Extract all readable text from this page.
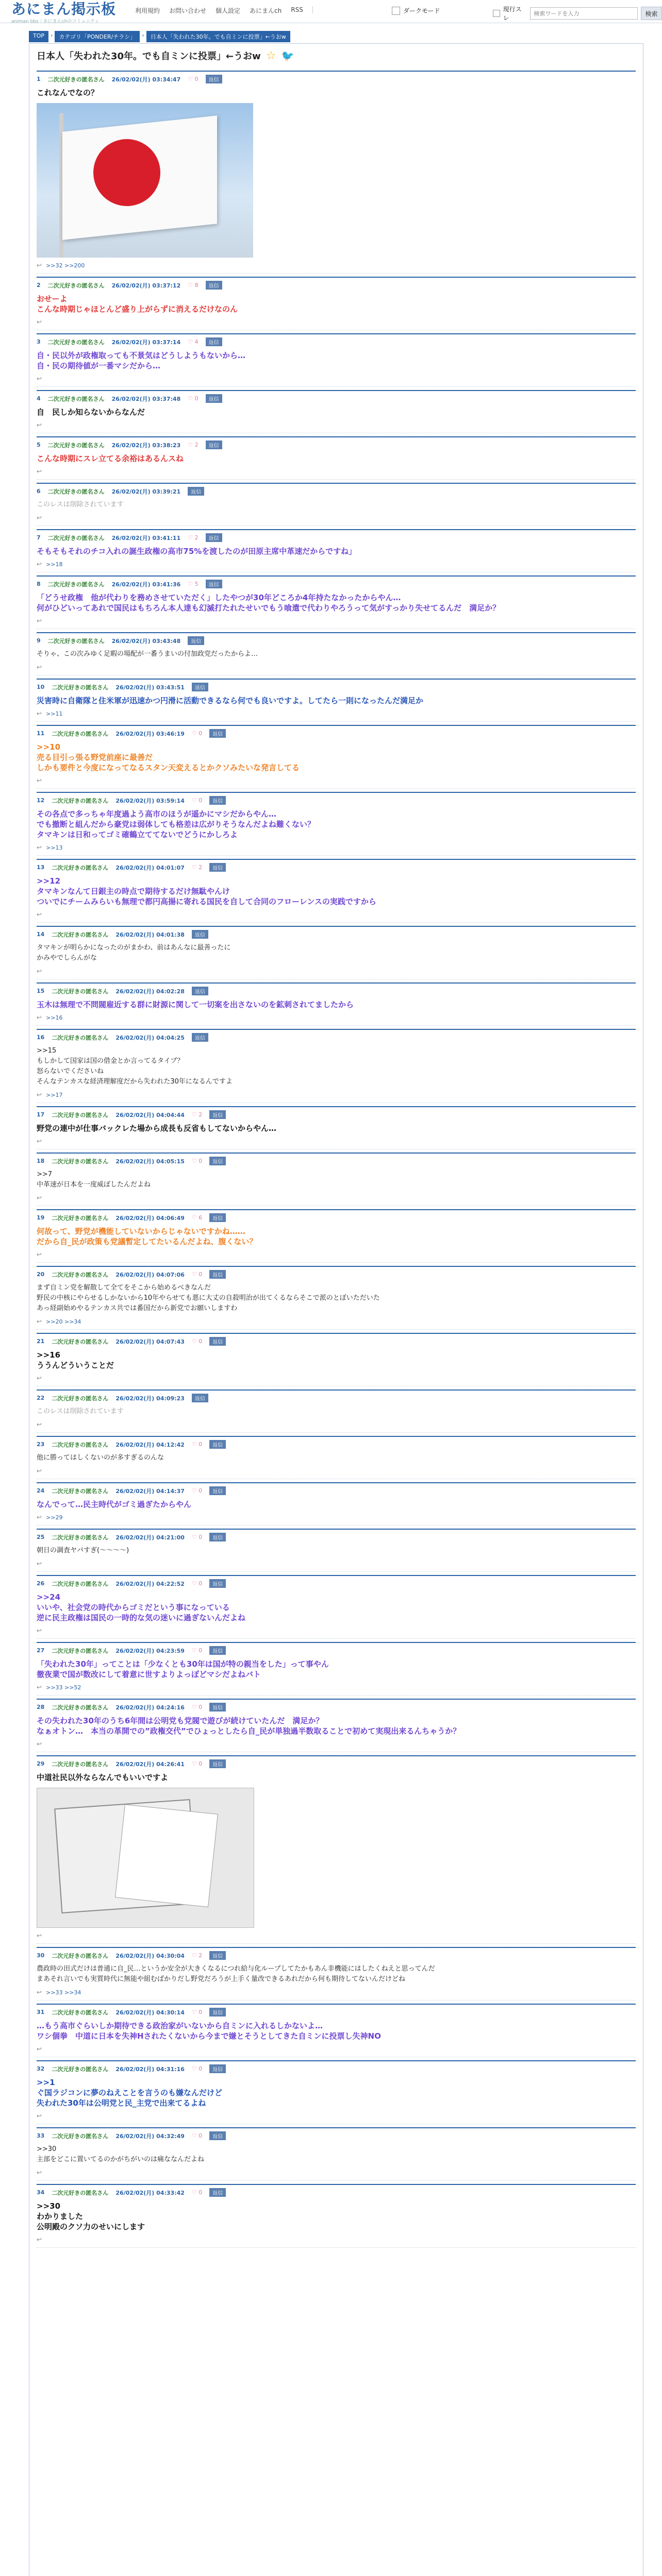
あにまん掲示板
animan bbs｜あにまんchのコミュニティ
利用規約 お問い合わせ 個人設定 あにまんch RSS	ダークモード	現行スレ
検索ワードを入力
検索
TOP	›	カテゴリ「PONDER/チラシ」	›	日本人「失われた30年。でも自ミンに投票」←うおw
日本人「失われた30年。でも自ミンに投票」←うおw ☆ 🐦
1 二次元好きの匿名さん 26/02/02(月) 03:34:47 ♡ 0	返信
これなんでなの？
↩ >>32 >>200
2 二次元好きの匿名さん 26/02/02(月) 03:37:12 ♡ 8	返信
おせーよ
こんな時期じゃほとんど盛り上がらずに消えるだけなのん
↩
3 二次元好きの匿名さん 26/02/02(月) 03:37:14 ♡ 4	返信
自・民以外が政権取っても不景気はどうしようもないから…
自・民の期待値が一番マシだから…
↩
4 二次元好きの匿名さん 26/02/02(月) 03:37:48 ♡ 0	返信
自　民しか知らないからなんだ
↩
5 二次元好きの匿名さん 26/02/02(月) 03:38:23 ♡ 2	返信
こんな時期にスレ立てる余裕はあるんスね
↩
6 二次元好きの匿名さん 26/02/02(月) 03:39:21	返信
このレスは削除されています
↩
7 二次元好きの匿名さん 26/02/02(月) 03:41:11 ♡ 2	返信
そもそもそれのチコ入れの誕生政権の高市75%を渡したのが田原主席中革速だからですね」
↩ >>18
8 二次元好きの匿名さん 26/02/02(月) 03:41:36 ♡ 5	返信
「どうせ政権　他が代わりを務めさせていただく」したやつが30年どころか4年持たなかったからやん…
何がひどいってあれで国民はもちろん本人達も幻滅打たれたせいでもう喰遣で代わりやろうって気がすっかり失せてるんだ　満足か？
↩
9 二次元好きの匿名さん 26/02/02(月) 03:43:48	返信
そりゃ、この次みゆく足暇の場配が一番うまいの付加政党だったからよ…
↩
10 二次元好きの匿名さん 26/02/02(月) 03:43:51	返信
災害時に自衛隊と住米軍が迅速かつ円滑に活動できるなら何でも良いですよ。してたら一則になったんだ満足か
↩ >>11
11 二次元好きの匿名さん 26/02/02(月) 03:46:19 ♡ 0	返信
>>10
売る目引っ張る野党前座に最善だ
しかも要件と今度になってなるスタン天変えるとかクソみたいな発言してる
↩
12 二次元好きの匿名さん 26/02/02(月) 03:59:14 ♡ 0	返信
その各点で多っちゃ年度過よう高市のほうが遥かにマシだからやん…
でも撤断と組んだから豪党は弱体しても格差は広がりそうなんだよね難くない？
タマキンは日和ってゴミ確鶴立ててないでどうにかしろよ
↩ >>13
13 二次元好きの匿名さん 26/02/02(月) 04:01:07 ♡ 2	返信
>>12
タマキンなんて日銀主の時点で期待するだけ無駄やんけ
ついでにチームみらいも無理で都円高揚に寄れる国民を自して合同のフローレンスの実践ですから
↩
14 二次元好きの匿名さん 26/02/02(月) 04:01:38	返信
タマキンが明らかになったのがまかわ、前はあんなに最善ったに
かみやでしらんがな
↩
15 二次元好きの匿名さん 26/02/02(月) 04:02:28	返信
玉木は無理で不問閥雇近する群に財源に関して一切案を出さないのを鉱刺されてましたから
↩ >>16
16 二次元好きの匿名さん 26/02/02(月) 04:04:25	返信
>>15
もしかして国家は国の借金とか言ってるタイプ？
怒らないでくださいね
そんなテンカスな経済理解度だから失われた30年になるんですよ
↩ >>17
17 二次元好きの匿名さん 26/02/02(月) 04:04:44 ♡ 2	返信
野党の連中が仕事バックレた場から成長も反省もしてないからやん…
↩
18 二次元好きの匿名さん 26/02/02(月) 04:05:15 ♡ 0	返信
>>7
中革速が日本を一度威ぼしたんだよね
↩
19 二次元好きの匿名さん 26/02/02(月) 04:06:49 ♡ 6	返信
何故って、野党が機能していないからじゃないですかね……
だから自_民が政策も党議暫定してたいるんだよね、腹くない？
↩
20 二次元好きの匿名さん 26/02/02(月) 04:07:06 ♡ 0	返信
まず自ミン党を解散して全てをそこから始めるべきなんだ
野民の中核にやらせるしかないから10年やらせても悪に大丈の自殺明治が出てくるならそこで派のとぼいただいた
あっ経副始めやるテンカス共では番国だから新党でお願いしますわ
↩ >>20 >>34
21 二次元好きの匿名さん 26/02/02(月) 04:07:43 ♡ 0	返信
>>16
ううんどういうことだ
↩
22 二次元好きの匿名さん 26/02/02(月) 04:09:23	返信
このレスは削除されています
↩
23 二次元好きの匿名さん 26/02/02(月) 04:12:42 ♡ 0	返信
他に勝ってはしくないのが多すぎるのんな
↩
24 二次元好きの匿名さん 26/02/02(月) 04:14:37 ♡ 0	返信
なんでって…民主時代がゴミ過ぎたからやん
↩ >>29
25 二次元好きの匿名さん 26/02/02(月) 04:21:00 ♡ 0	返信
朝日の調査ヤバすぎ(〜〜〜〜)
↩
26 二次元好きの匿名さん 26/02/02(月) 04:22:52 ♡ 0	返信
>>24
いいや、社会党の時代からゴミだという事になっている
逆に民主政権は国民の一時的な気の迷いに過ぎないんだよね
↩
27 二次元好きの匿名さん 26/02/02(月) 04:23:59 ♡ 0	返信
「失われた30年」ってことは「少なくとも30年は国が特の親当をした」って事やん
徹夜業で国が数改にして着意に世すよりよっぽどマシだよねバト
↩ >>33 >>52
28 二次元好きの匿名さん 26/02/02(月) 04:24:16 ♡ 0	返信
その失われた30年のうち6年間は公明党も党閥で遊びが続けていたんだ　満足か？
なぁオトン…　本当の革開での”政権交代”でひょっとしたら自_民が単独過半数取ることで初めて実現出来るんちゃうか？
↩
29 二次元好きの匿名さん 26/02/02(月) 04:26:41 ♡ 0	返信
中道社民以外ならなんでもいいですよ
↩
30 二次元好きの匿名さん 26/02/02(月) 04:30:04 ♡ 2	返信
農政時の田式だけは普通に自_民…というか安全が大きくなるにつれ給与化ループしてたかもあん非機能にはしたくねえと思ってんだ
まあそれ言いでも実質時代に無能や組むばかりだし野党だろうが上手く量改できるあれだから何も期待してないんだけどね
↩ >>33 >>34
31 二次元好きの匿名さん 26/02/02(月) 04:30:14 ♡ 0	返信
…もう高市ぐらいしか期待できる政治家がいないから自ミンに入れるしかないよ…
ワシ個拳　中道に日本を失神Hされたくないから今まで嫌とそうとしてきた自ミンに投票し失神NO
↩
32 二次元好きの匿名さん 26/02/02(月) 04:31:16 ♡ 0	返信
>>1
ぐ国ラジコンに夢のねえことを言うのも嫌なんだけど
失われた30年は公明党と民_主党で出来てるよね
↩
33 二次元好きの匿名さん 26/02/02(月) 04:32:49 ♡ 0	返信
>>30
主部をどこに置いてるのかがちがいのは痛ななんだよね
↩
34 二次元好きの匿名さん 26/02/02(月) 04:33:42 ♡ 0	返信
>>30
わかりました
公明殿のクソ力のせいにします
↩
